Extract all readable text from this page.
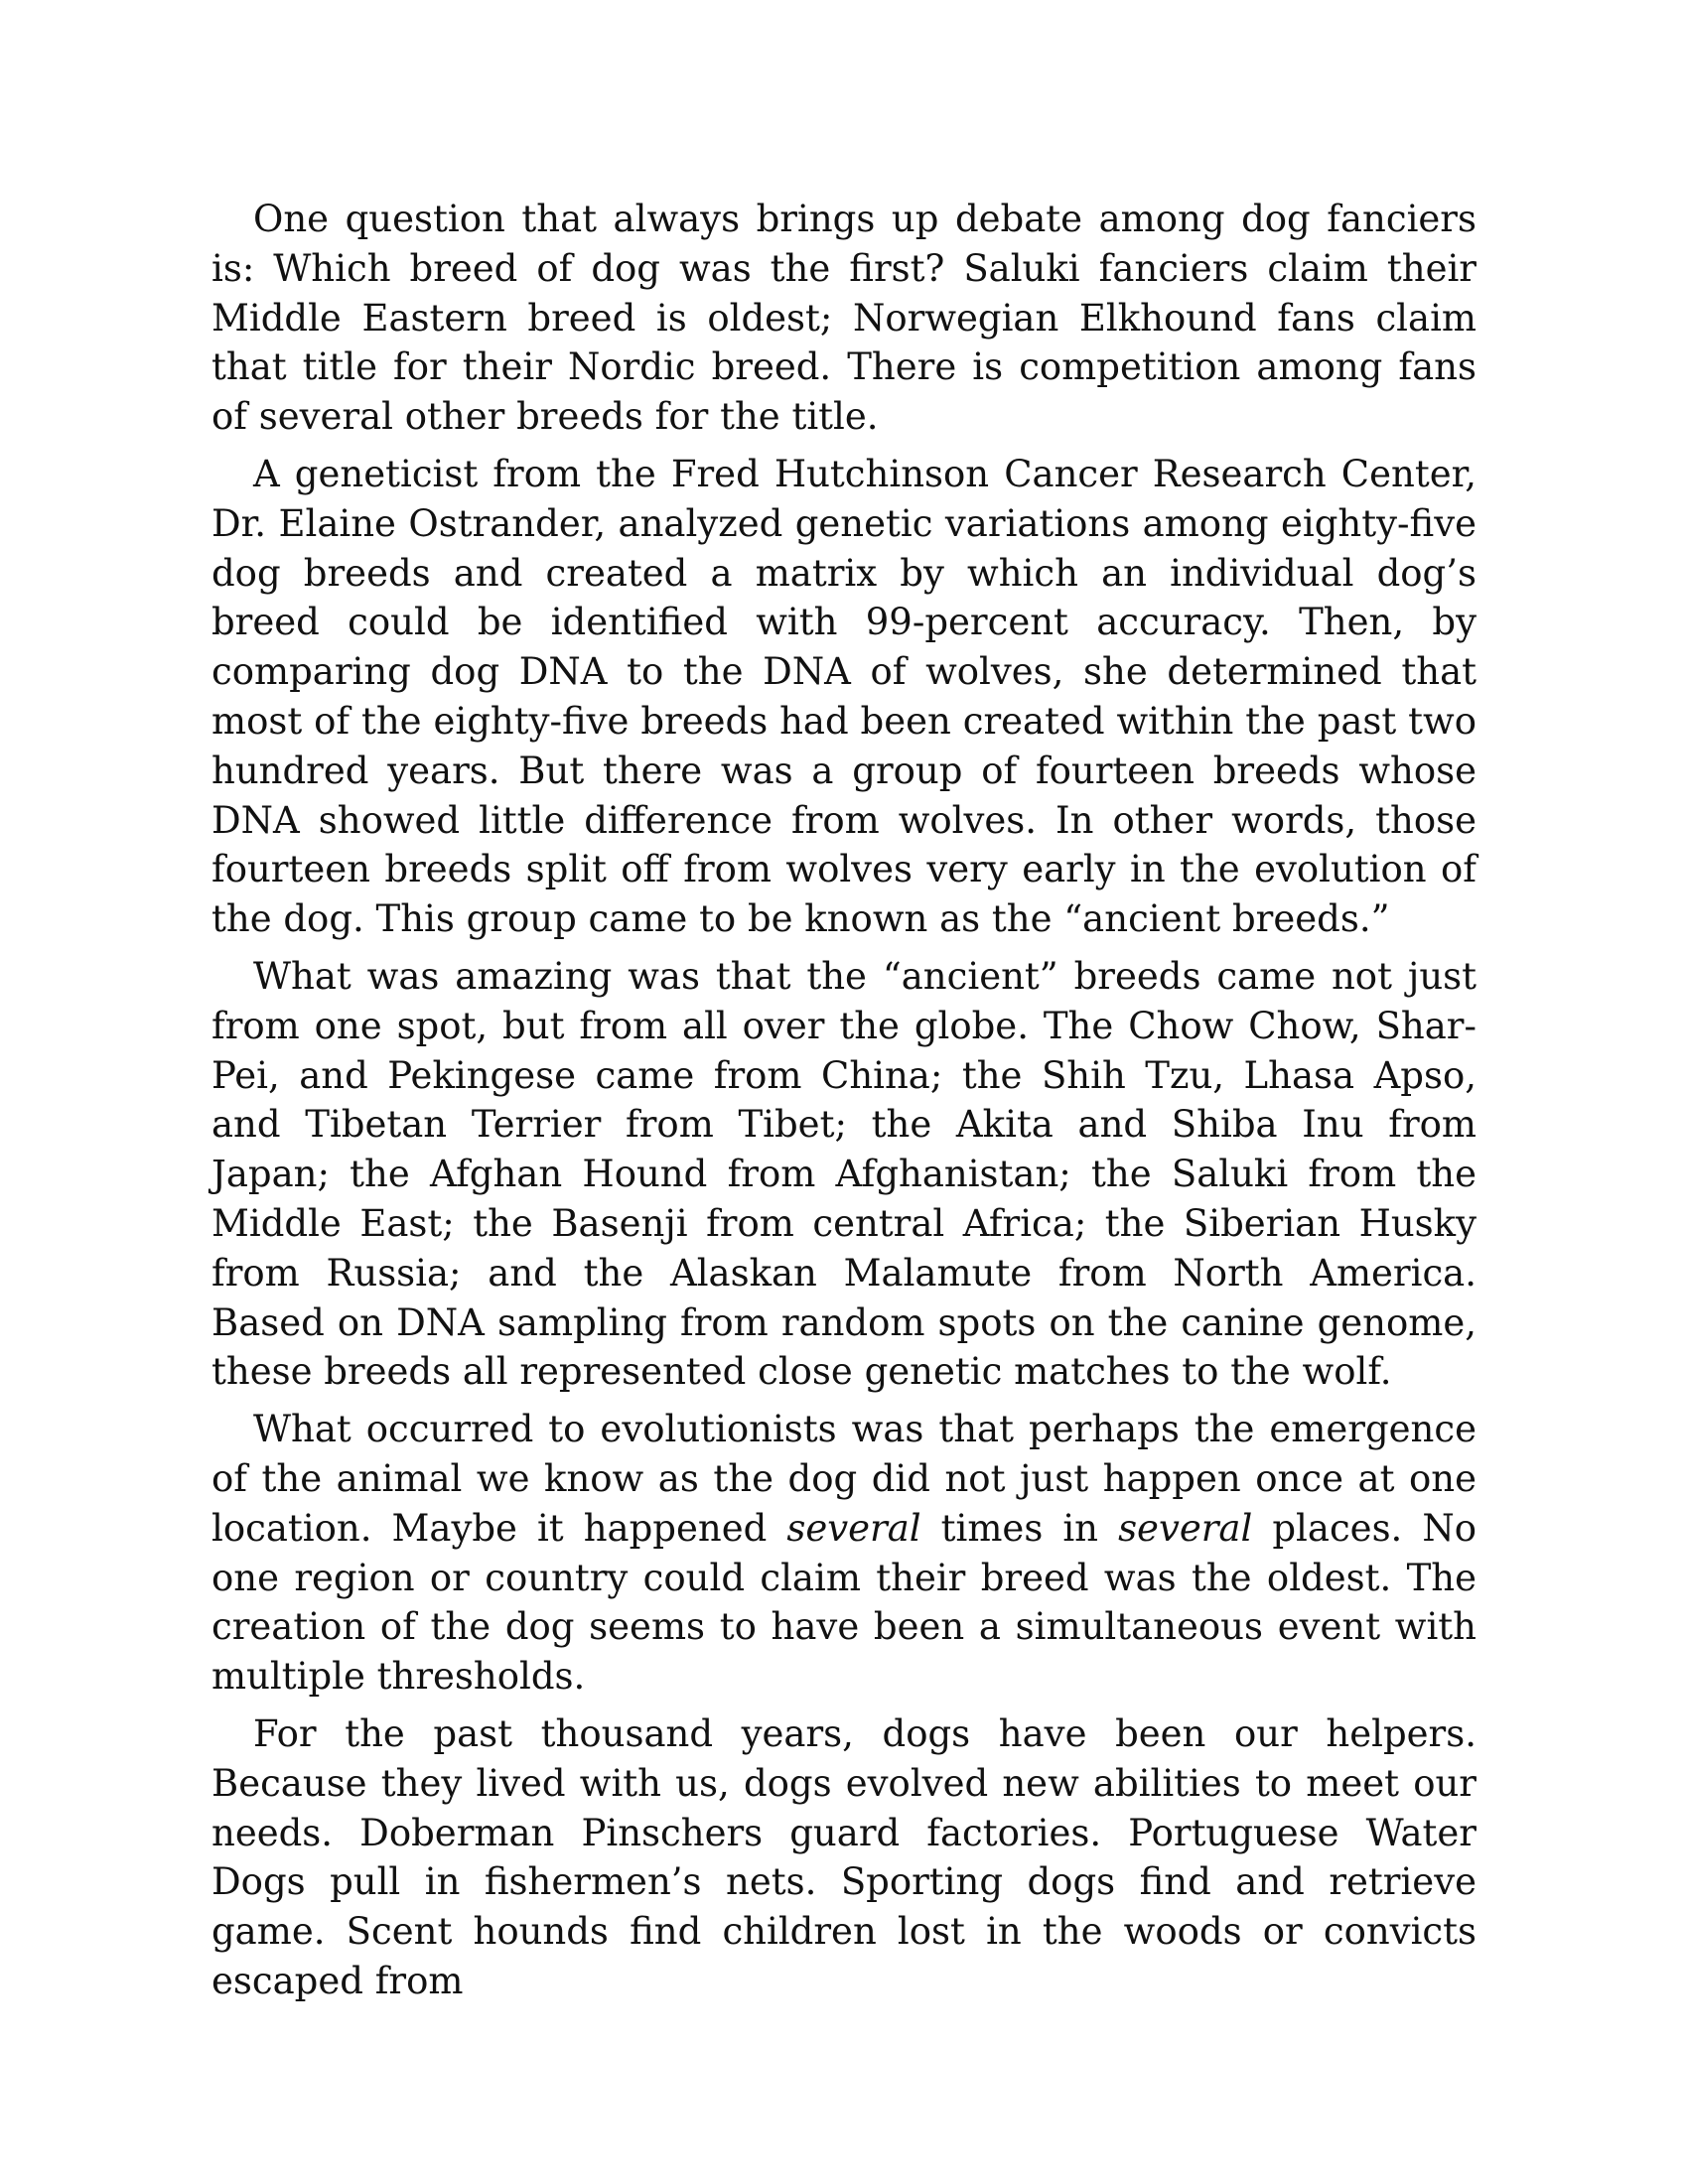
One question that always brings up debate among dog fanciers is: Which breed of dog was the first? Saluki fanciers claim their Middle Eastern breed is oldest; Norwegian Elkhound fans claim that title for their Nordic breed. There is competition among fans of several other breeds for the title.

A geneticist from the Fred Hutchinson Cancer Research Center, Dr. Elaine Ostrander, analyzed genetic variations among eighty-five dog breeds and created a matrix by which an individual dog’s breed could be identified with 99-percent accuracy. Then, by comparing dog DNA to the DNA of wolves, she determined that most of the eighty-five breeds had been created within the past two hundred years. But there was a group of fourteen breeds whose DNA showed little difference from wolves. In other words, those fourteen breeds split off from wolves very early in the evolution of the dog. This group came to be known as the “ancient breeds.”

What was amazing was that the “ancient” breeds came not just from one spot, but from all over the globe. The Chow Chow, Shar-Pei, and Pekingese came from China; the Shih Tzu, Lhasa Apso, and Tibetan Terrier from Tibet; the Akita and Shiba Inu from Japan; the Afghan Hound from Afghanistan; the Saluki from the Middle East; the Basenji from central Africa; the Siberian Husky from Russia; and the Alaskan Malamute from North America. Based on DNA sampling from random spots on the canine genome, these breeds all represented close genetic matches to the wolf.

What occurred to evolutionists was that perhaps the emergence of the animal we know as the dog did not just happen once at one location. Maybe it happened several times in several places. No one region or country could claim their breed was the oldest. The creation of the dog seems to have been a simultaneous event with multiple thresholds.

For the past thousand years, dogs have been our helpers. Because they lived with us, dogs evolved new abilities to meet our needs. Doberman Pinschers guard factories. Portuguese Water Dogs pull in fishermen’s nets. Sporting dogs find and retrieve game. Scent hounds find children lost in the woods or convicts escaped from
